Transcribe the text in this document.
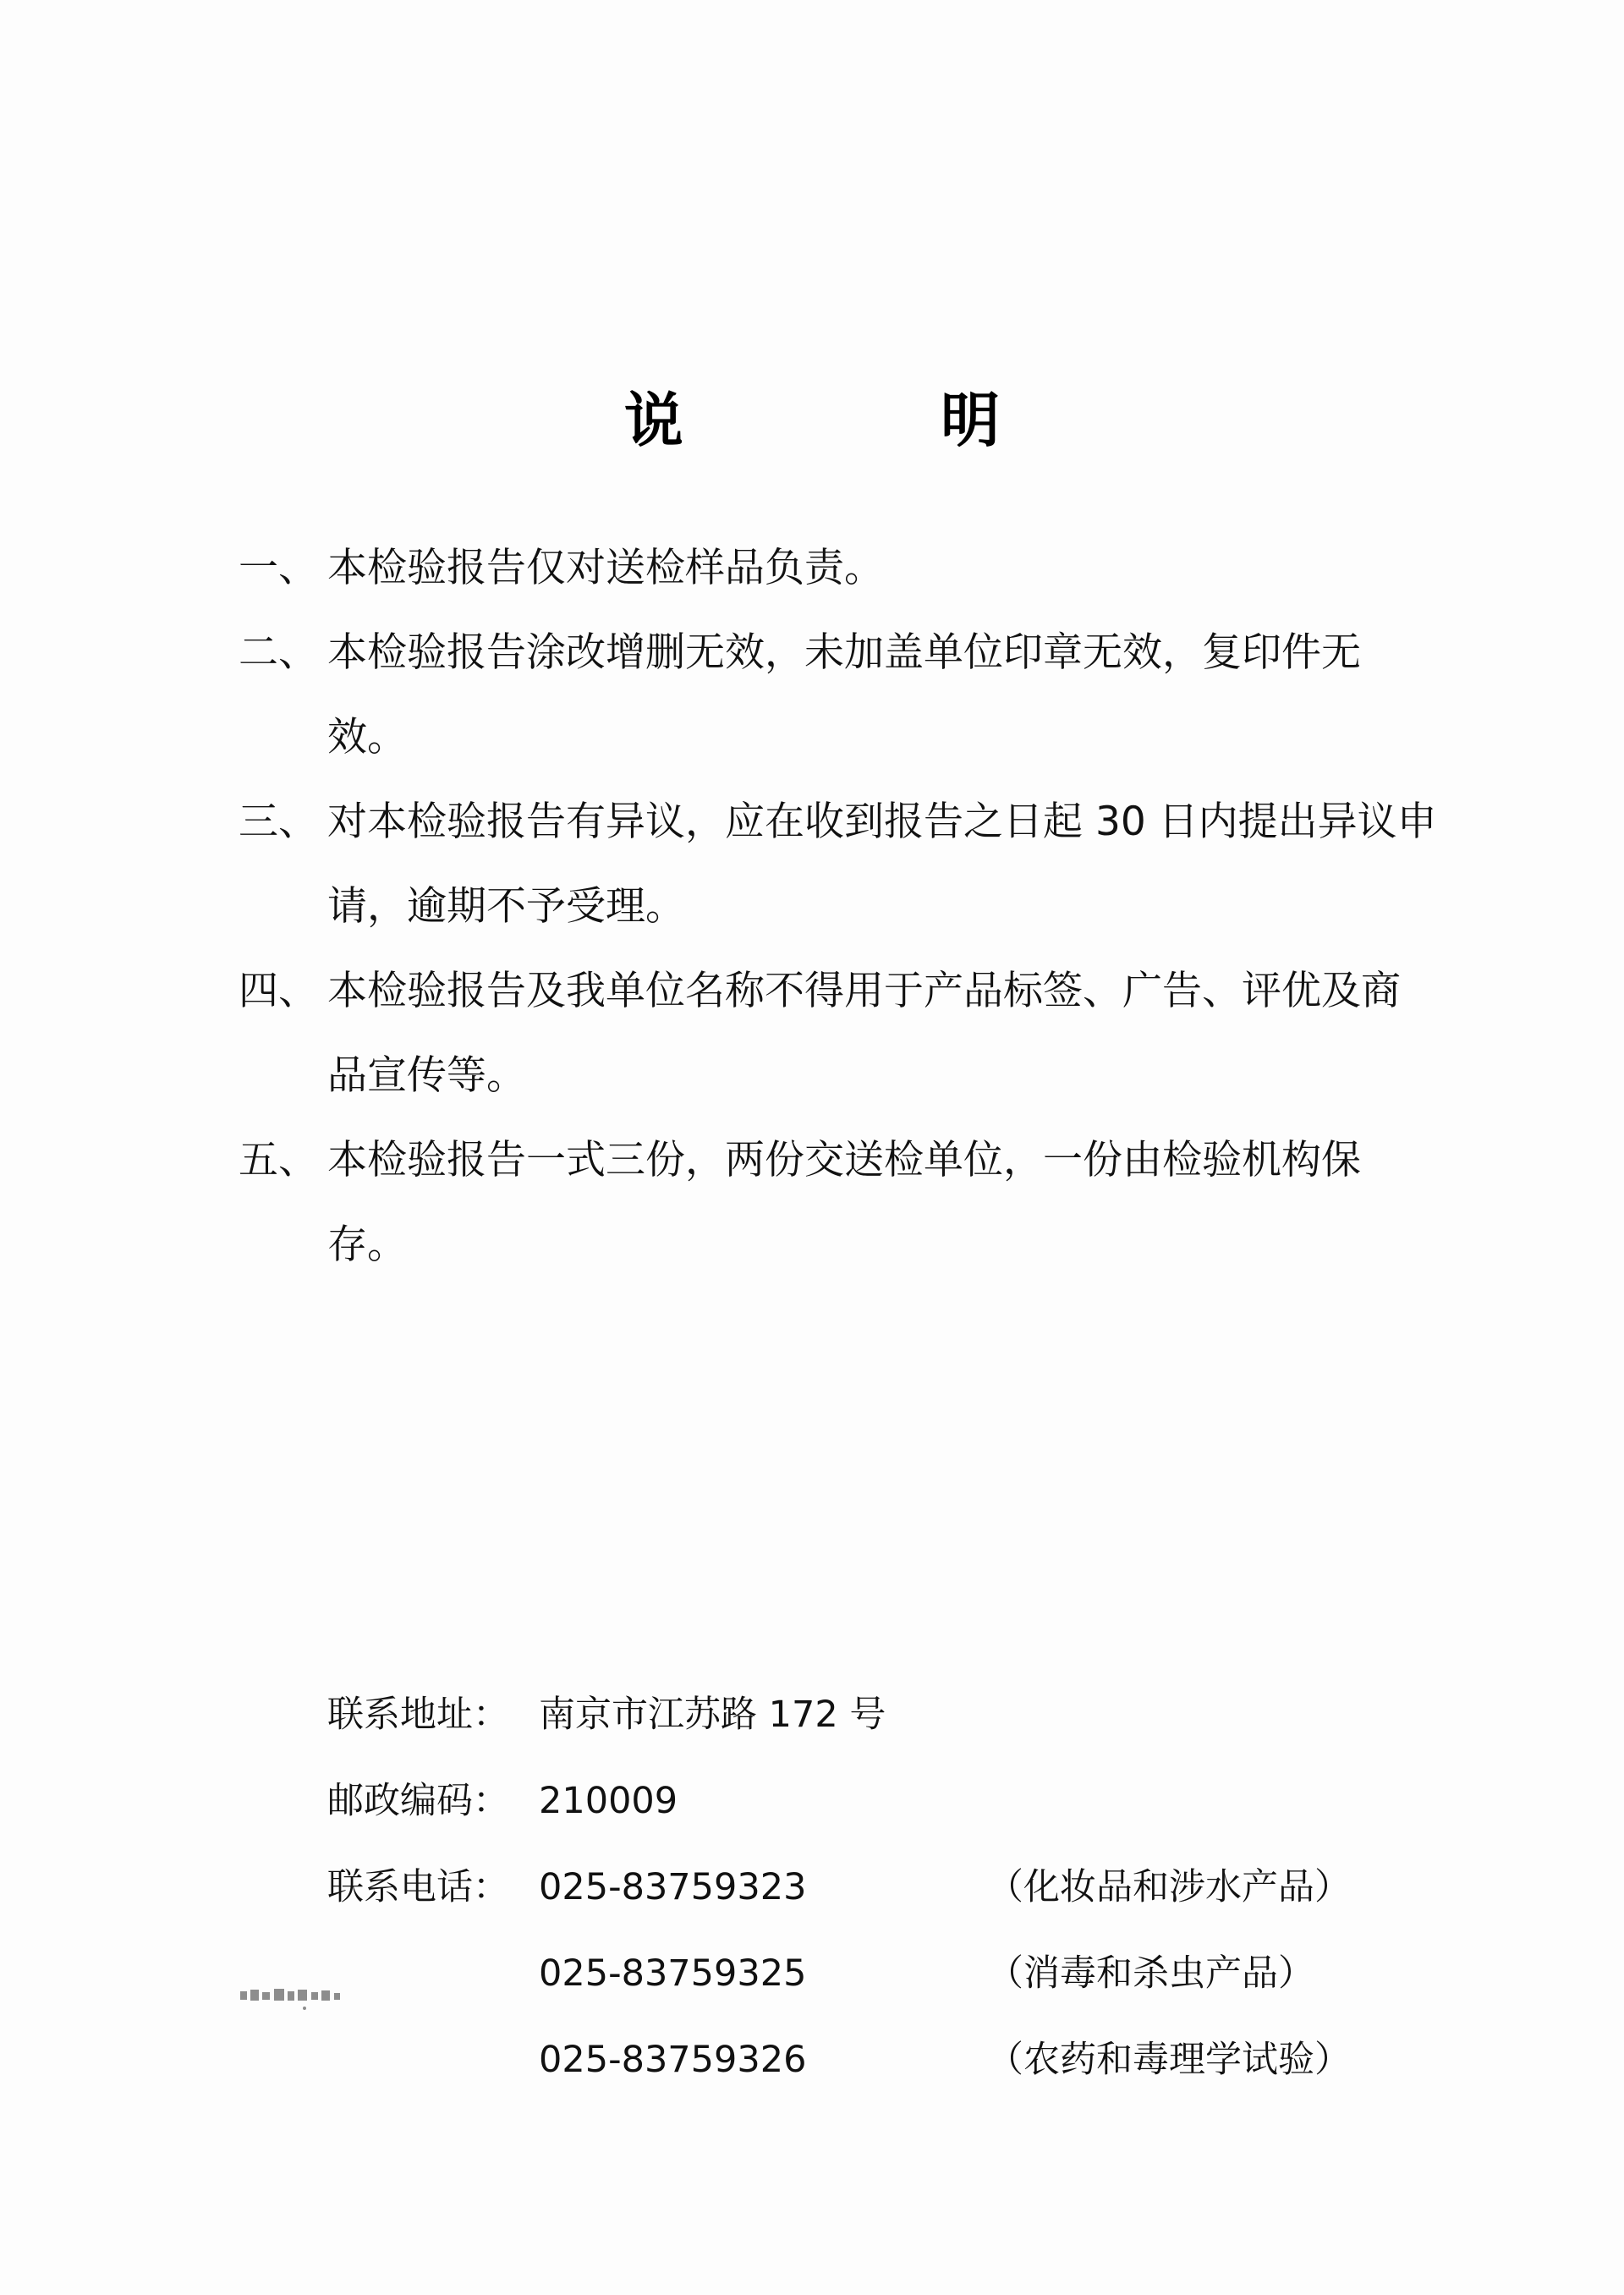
说 明
一、 本检验报告仅对送检样品负责。
二、 本检验报告涂改增删无效，未加盖单位印章无效，复印件无效。
三、 对本检验报告有异议，应在收到报告之日起 30 日内提出异议申请，逾期不予受理。
四、 本检验报告及我单位名称不得用于产品标签、广告、评优及商品宣传等。
五、 本检验报告一式三份，两份交送检单位，一份由检验机构保存。
联系地址： 南京市江苏路 172 号
邮政编码： 210009
联系电话： 025-83759323	（化妆品和涉水产品）
025-83759325	（消毒和杀虫产品）
025-83759326	（农药和毒理学试验）
